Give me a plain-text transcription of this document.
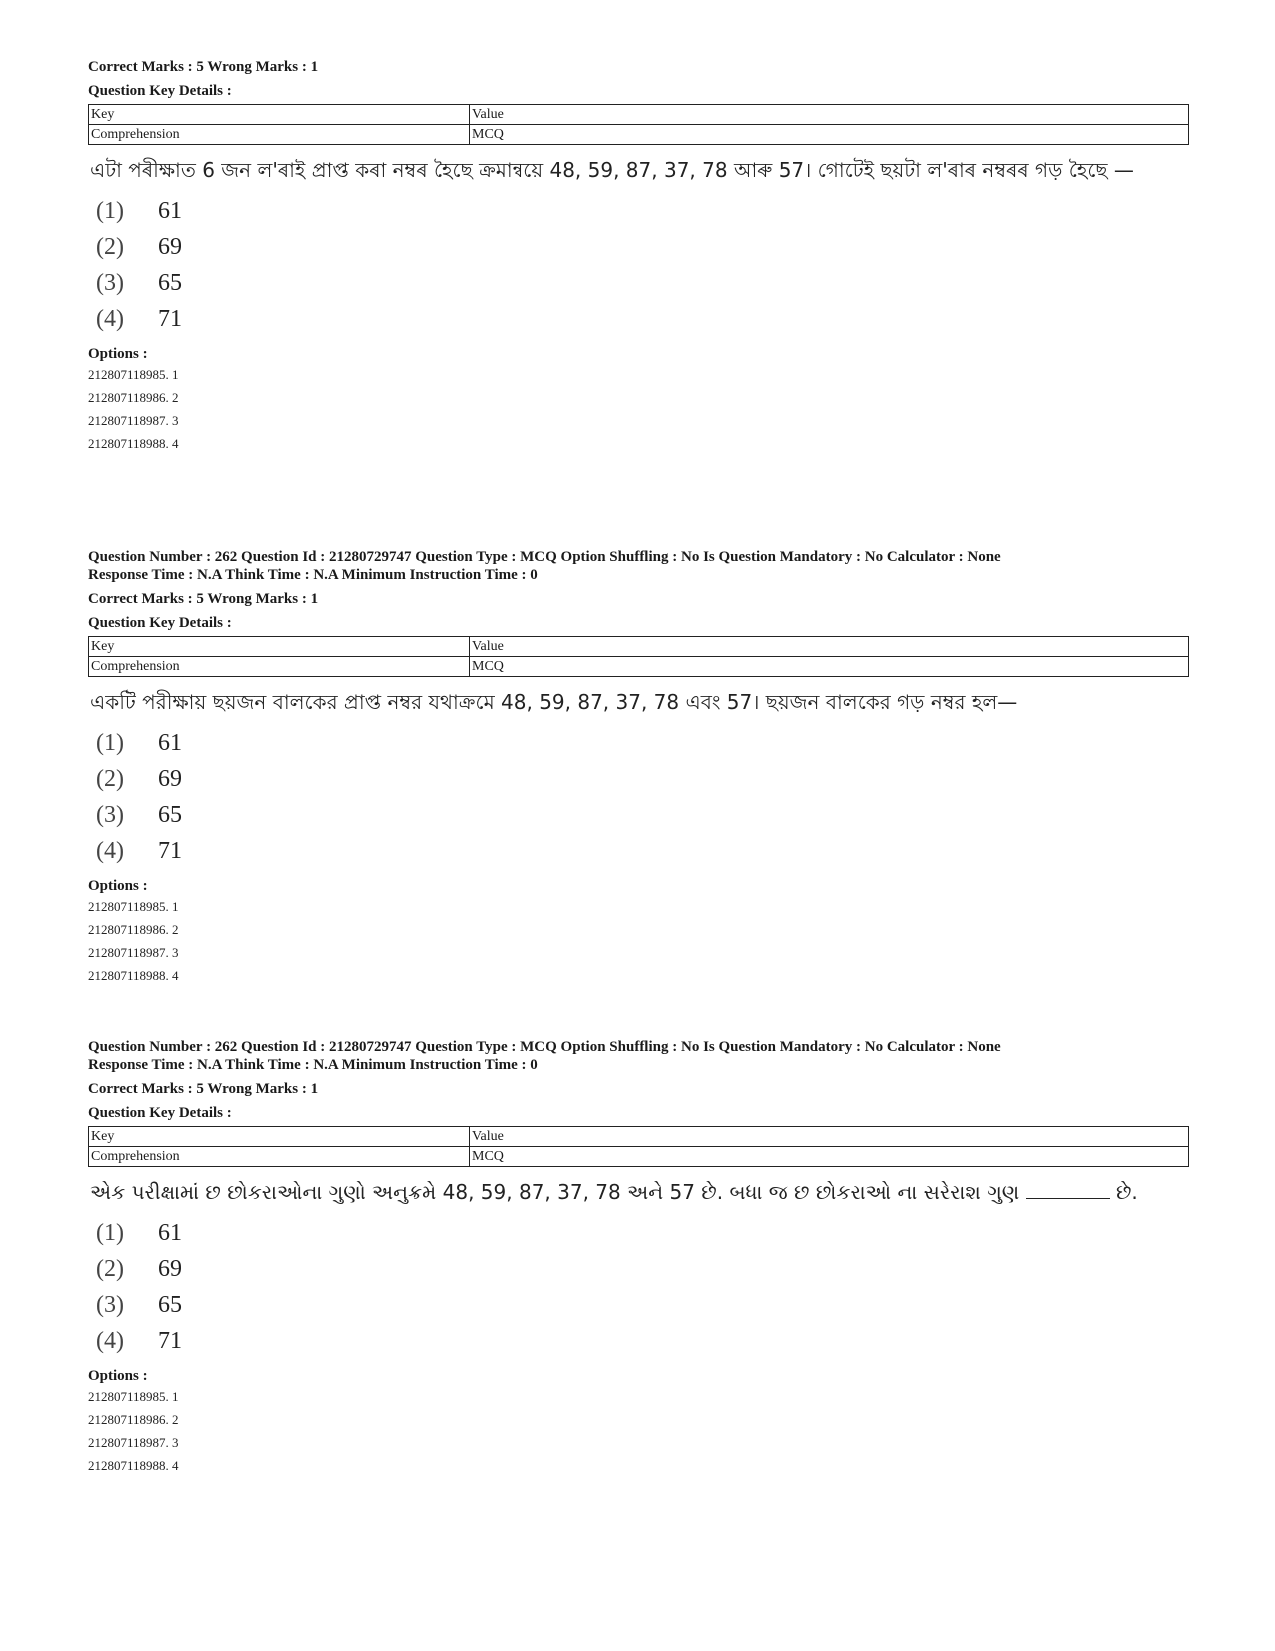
Correct Marks : 5 Wrong Marks : 1

Question Key Details :

Key	Value
Comprehension	MCQ

এটা পৰীক্ষাত 6 জন ল'ৰাই প্ৰাপ্ত কৰা নম্বৰ হৈছে ক্ৰমান্বয়ে 48, 59, 87, 37, 78 আৰু 57। গোটেই ছয়টা ল'ৰাৰ নম্বৰৰ গড় হৈছে —

(1) 61
(2) 69
(3) 65
(4) 71

Options :

212807118985. 1
212807118986. 2
212807118987. 3
212807118988. 4

Question Number : 262 Question Id : 21280729747 Question Type : MCQ Option Shuffling : No Is Question Mandatory : No Calculator : None

Response Time : N.A Think Time : N.A Minimum Instruction Time : 0

Correct Marks : 5 Wrong Marks : 1

Question Key Details :

Key	Value
Comprehension	MCQ

একটি পরীক্ষায় ছয়জন বালকের প্রাপ্ত নম্বর যথাক্রমে 48, 59, 87, 37, 78 এবং 57। ছয়জন বালকের গড় নম্বর হল—

(1) 61
(2) 69
(3) 65
(4) 71

Options :

212807118985. 1
212807118986. 2
212807118987. 3
212807118988. 4

Question Number : 262 Question Id : 21280729747 Question Type : MCQ Option Shuffling : No Is Question Mandatory : No Calculator : None

Response Time : N.A Think Time : N.A Minimum Instruction Time : 0

Correct Marks : 5 Wrong Marks : 1

Question Key Details :

Key	Value
Comprehension	MCQ

એક પરીક્ષામાં છ છોકરાઓના ગુણો અનુક્રમે 48, 59, 87, 37, 78 અને 57 છે. બધા જ છ છોકરાઓ ના સરેરાશ ગુણ	છે.

(1) 61
(2) 69
(3) 65
(4) 71

Options :

212807118985. 1
212807118986. 2
212807118987. 3
212807118988. 4
